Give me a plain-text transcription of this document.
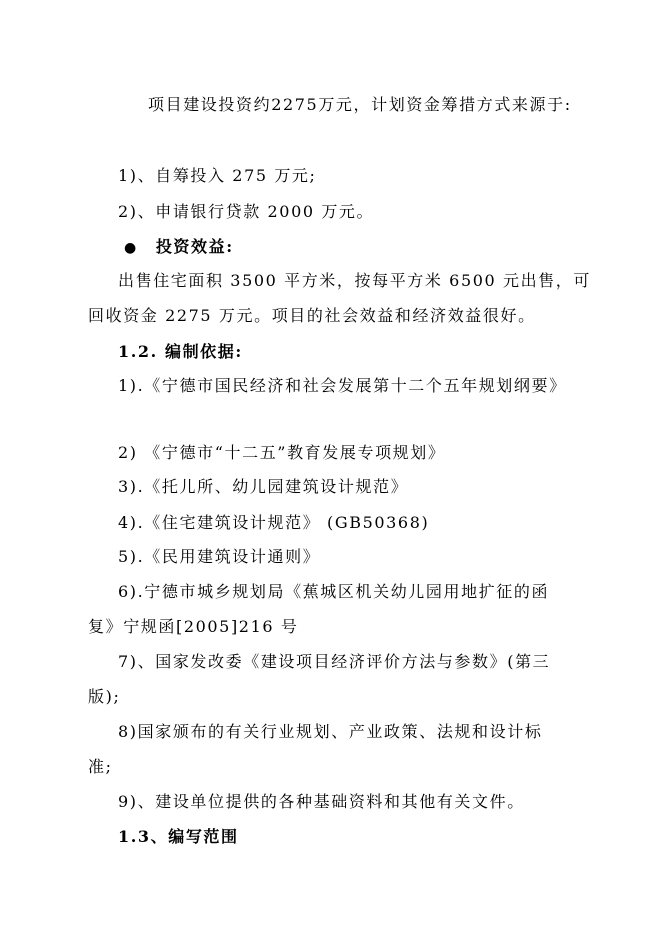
项目建设投资约2275万元，计划资金筹措方式来源于:
1)、自筹投入 275 万元;
2)、申请银行贷款 2000 万元。
● 投资效益:
出售住宅面积 3500 平方米，按每平方米 6500 元出售，可
回收资金 2275 万元。项目的社会效益和经济效益很好。
1.2. 编制依据:
1).《宁德市国民经济和社会发展第十二个五年规划纲要》
2) 《宁德市“十二五”教育发展专项规划》
3).《托儿所、幼儿园建筑设计规范》
4).《住宅建筑设计规范》 (GB50368)
5).《民用建筑设计通则》
6).宁德市城乡规划局《蕉城区机关幼儿园用地扩征的函
复》宁规函[2005]216 号
7)、国家发改委《建设项目经济评价方法与参数》(第三
版);
8)国家颁布的有关行业规划、产业政策、法规和设计标
准;
9)、建设单位提供的各种基础资料和其他有关文件。
1.3、编写范围
